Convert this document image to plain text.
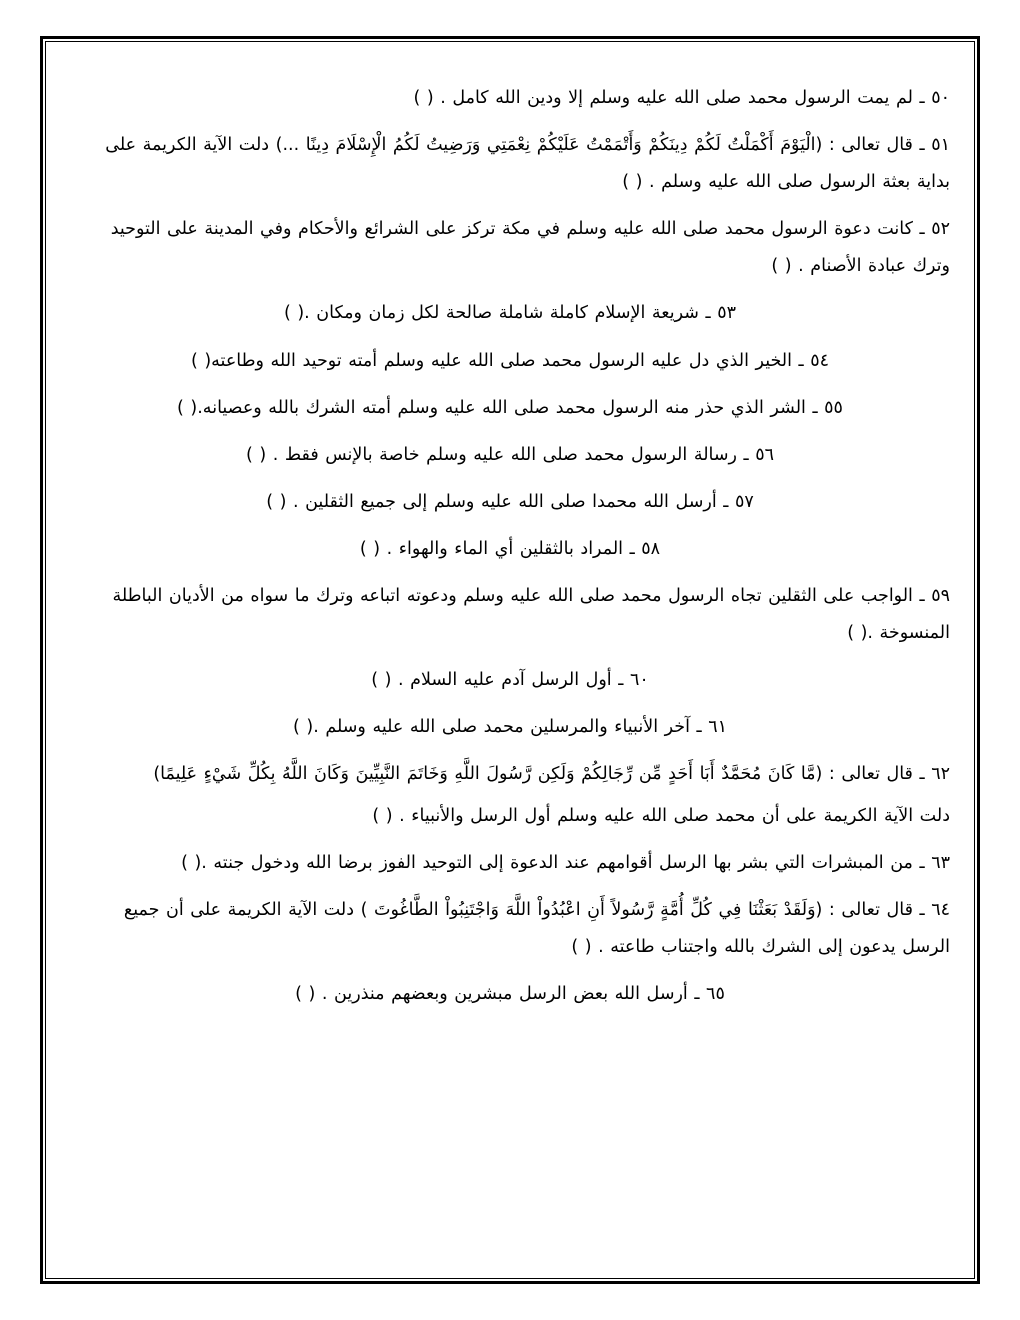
٥٠ ـ لم يمت الرسول محمد صلى الله عليه وسلم إلا ودين الله كامل . ( )

٥١ ـ قال تعالى : (الْيَوْمَ أَكْمَلْتُ لَكُمْ دِينَكُمْ وَأَتْمَمْتُ عَلَيْكُمْ نِعْمَتِي وَرَضِيتُ لَكُمُ الْإِسْلَامَ دِينًا ...) دلت الآية الكريمة على بداية بعثة الرسول صلى الله عليه وسلم . ( )

٥٢ ـ كانت دعوة الرسول محمد صلى الله عليه وسلم في مكة تركز على الشرائع والأحكام وفي المدينة على التوحيد وترك عبادة الأصنام . ( )

٥٣ ـ شريعة الإسلام كاملة شاملة صالحة لكل زمان ومكان .( )

٥٤ ـ الخير الذي دل عليه الرسول محمد صلى الله عليه وسلم أمته توحيد الله وطاعته( )

٥٥ ـ الشر الذي حذر منه الرسول محمد صلى الله عليه وسلم أمته الشرك بالله وعصيانه.( )

٥٦ ـ رسالة الرسول محمد صلى الله عليه وسلم خاصة بالإنس فقط . ( )

٥٧ ـ أرسل الله محمدا صلى الله عليه وسلم إلى جميع الثقلين . ( )

٥٨ ـ المراد بالثقلين أي الماء والهواء . ( )

٥٩ ـ الواجب على الثقلين تجاه الرسول محمد صلى الله عليه وسلم ودعوته اتباعه وترك ما سواه من الأديان الباطلة المنسوخة .( )

٦٠ ـ أول الرسل آدم عليه السلام . ( )

٦١ ـ آخر الأنبياء والمرسلين محمد صلى الله عليه وسلم .( )

٦٢ ـ قال تعالى : (مَّا كَانَ مُحَمَّدٌ أَبَا أَحَدٍ مِّن رِّجَالِكُمْ وَلَكِن رَّسُولَ اللَّهِ وَخَاتَمَ النَّبِيِّينَ وَكَانَ اللَّهُ بِكُلِّ شَيْءٍ عَلِيمًا)

دلت الآية الكريمة على أن محمد صلى الله عليه وسلم أول الرسل والأنبياء . ( )

٦٣ ـ من المبشرات التي بشر بها الرسل أقوامهم عند الدعوة إلى التوحيد الفوز برضا الله ودخول جنته .( )

٦٤ ـ قال تعالى : (وَلَقَدْ بَعَثْنَا فِي كُلِّ أُمَّةٍ رَّسُولاً أَنِ اعْبُدُواْ اللَّهَ وَاجْتَنِبُواْ الطَّاغُوتَ ) دلت الآية الكريمة على أن جميع الرسل يدعون إلى الشرك بالله واجتناب طاعته . ( )

٦٥ ـ أرسل الله بعض الرسل مبشرين وبعضهم منذرين . ( )
